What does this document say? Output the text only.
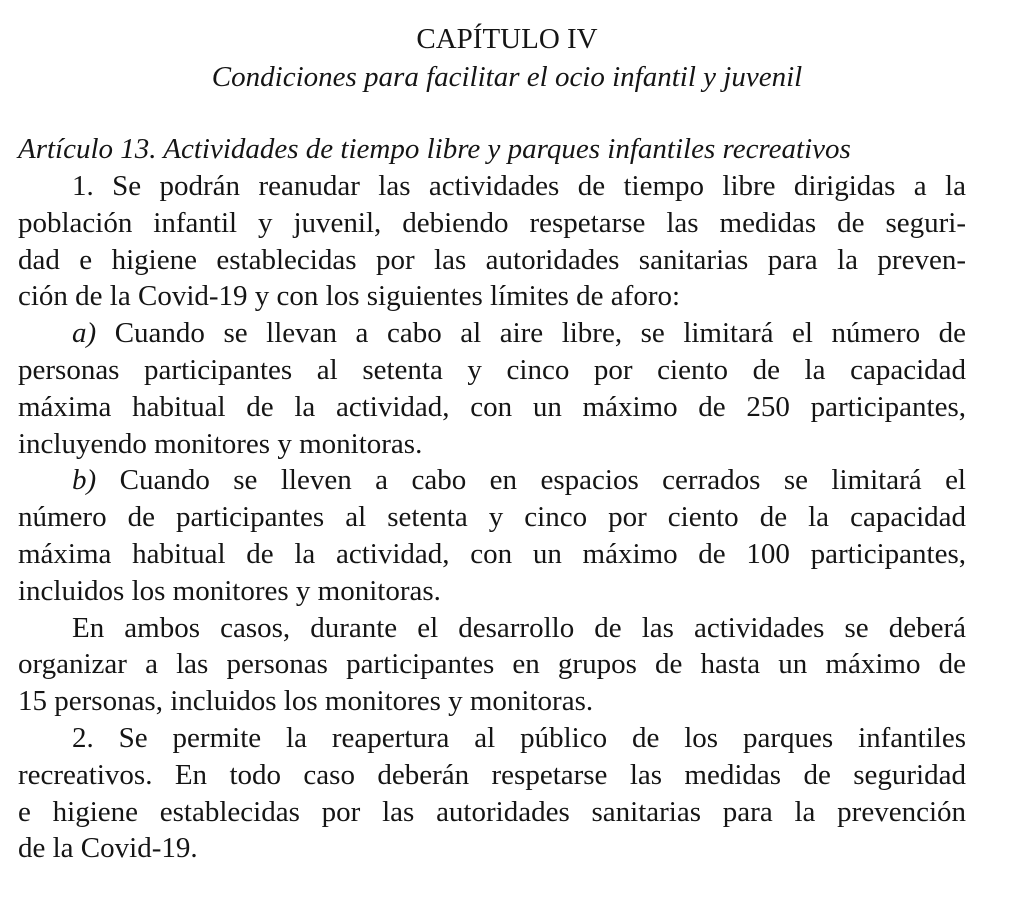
CAPÍTULO IV
Condiciones para facilitar el ocio infantil y juvenil
Artículo 13. Actividades de tiempo libre y parques infantiles recreativos

1. Se podrán reanudar las actividades de tiempo libre dirigidas a la
población infantil y juvenil, debiendo respetarse las medidas de seguri-
dad e higiene establecidas por las autoridades sanitarias para la preven-
ción de la Covid-19 y con los siguientes límites de aforo:

a) Cuando se llevan a cabo al aire libre, se limitará el número de
personas participantes al setenta y cinco por ciento de la capacidad
máxima habitual de la actividad, con un máximo de 250 participantes,
incluyendo monitores y monitoras.

b) Cuando se lleven a cabo en espacios cerrados se limitará el
número de participantes al setenta y cinco por ciento de la capacidad
máxima habitual de la actividad, con un máximo de 100 participantes,
incluidos los monitores y monitoras.

En ambos casos, durante el desarrollo de las actividades se deberá
organizar a las personas participantes en grupos de hasta un máximo de
15 personas, incluidos los monitores y monitoras.

2. Se permite la reapertura al público de los parques infantiles
recreativos. En todo caso deberán respetarse las medidas de seguridad
e higiene establecidas por las autoridades sanitarias para la prevención
de la Covid-19.
